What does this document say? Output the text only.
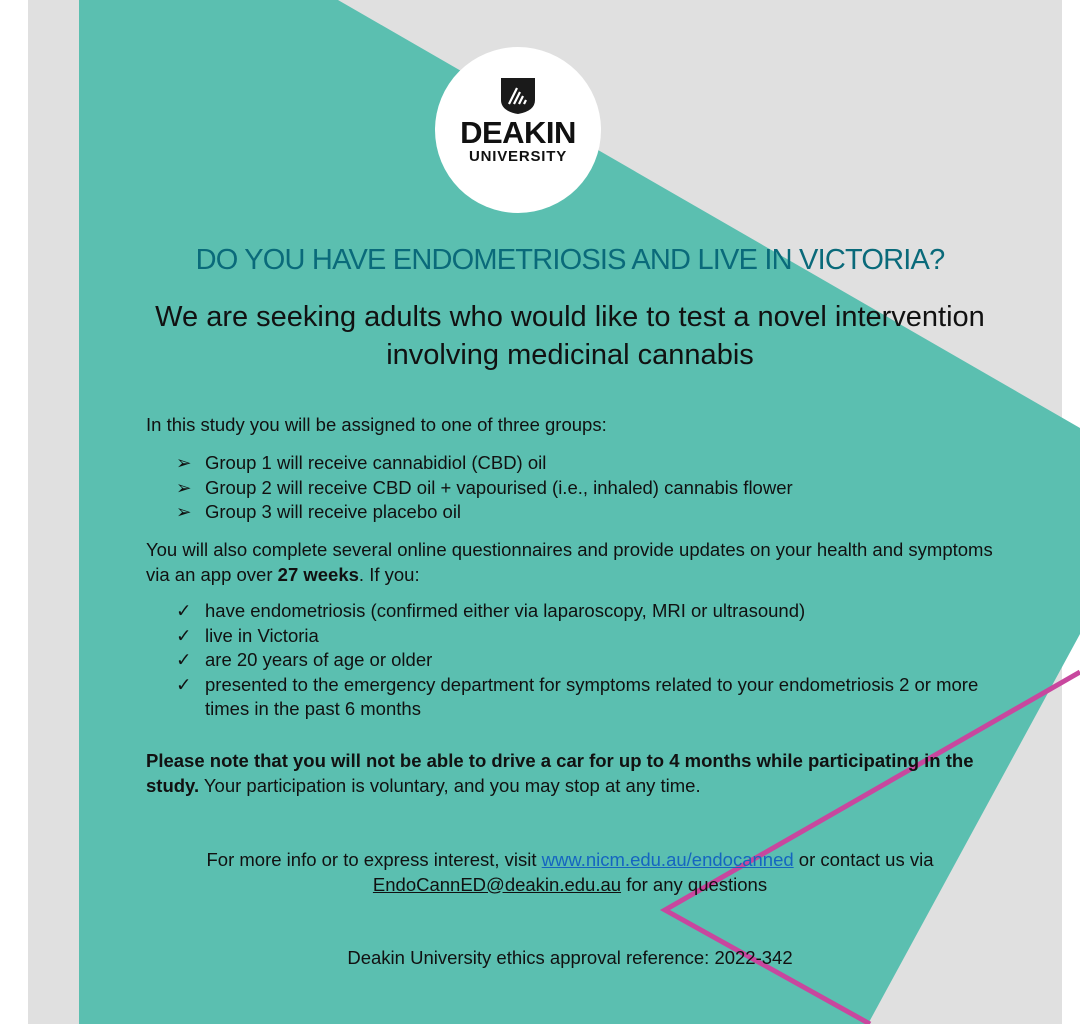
DEAKIN
UNIVERSITY
DO YOU HAVE ENDOMETRIOSIS AND LIVE IN VICTORIA?
We are seeking adults who would like to test a novel intervention involving medicinal cannabis
In this study you will be assigned to one of three groups:
➢ Group 1 will receive cannabidiol (CBD) oil
➢ Group 2 will receive CBD oil + vapourised (i.e., inhaled) cannabis flower
➢ Group 3 will receive placebo oil
You will also complete several online questionnaires and provide updates on your health and symptoms via an app over 27 weeks. If you:
✓ have endometriosis (confirmed either via laparoscopy, MRI or ultrasound)
✓ live in Victoria
✓ are 20 years of age or older
✓ presented to the emergency department for symptoms related to your endometriosis 2 or more times in the past 6 months
Please note that you will not be able to drive a car for up to 4 months while participating in the study. Your participation is voluntary, and you may stop at any time.
For more info or to express interest, visit www.nicm.edu.au/endocanned or contact us via
EndoCannED@deakin.edu.au for any questions
Deakin University ethics approval reference: 2022-342
